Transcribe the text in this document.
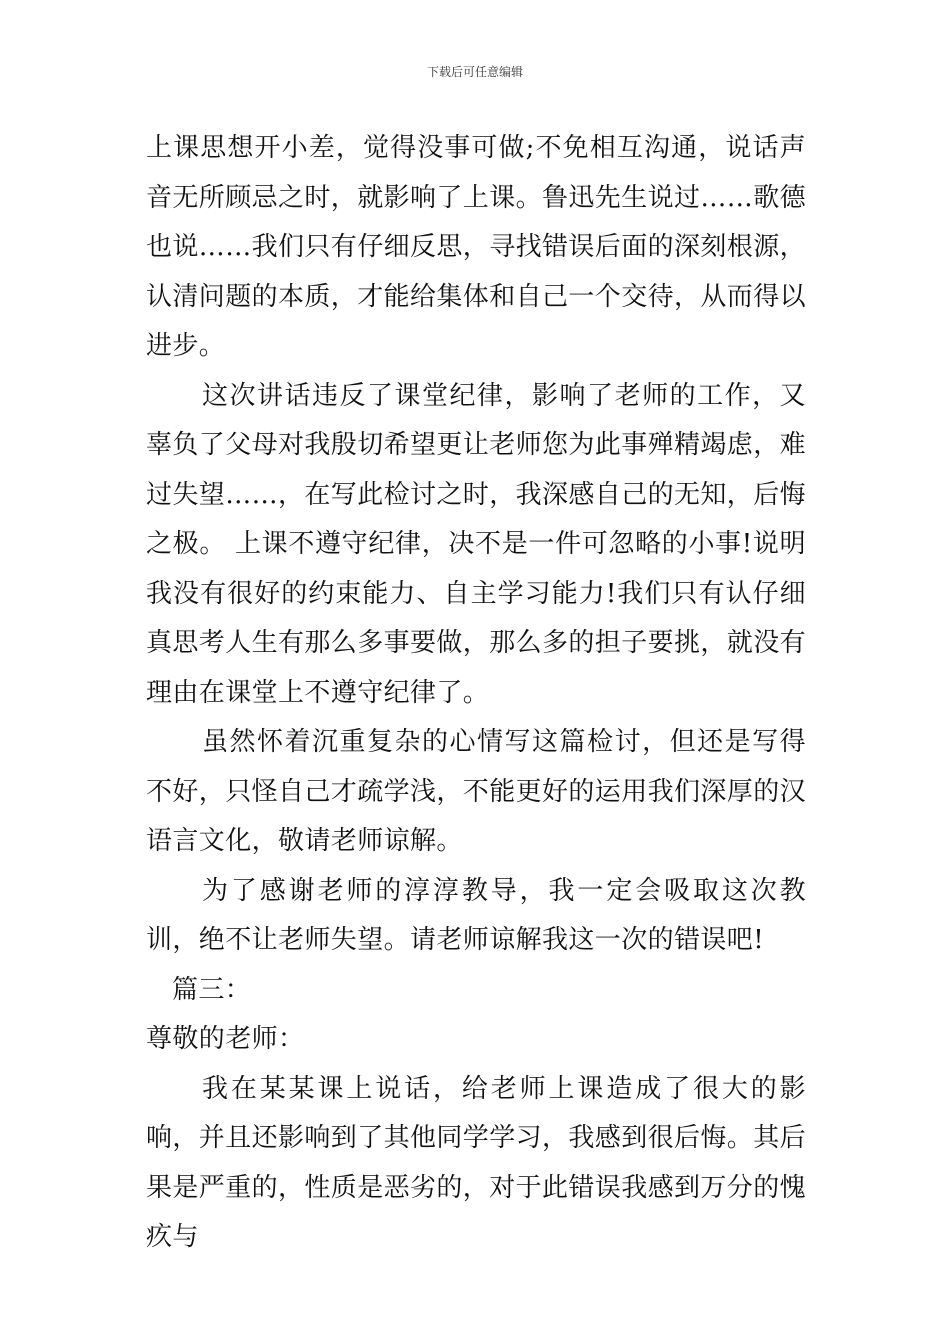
下载后可任意编辑

上课思想开小差，觉得没事可做;不免相互沟通，说话声音无所顾忌之时，就影响了上课。鲁迅先生说过……歌德也说……我们只有仔细反思，寻找错误后面的深刻根源，认清问题的本质，才能给集体和自己一个交待，从而得以进步。

这次讲话违反了课堂纪律，影响了老师的工作，又辜负了父母对我殷切希望更让老师您为此事殚精竭虑，难过失望……，在写此检讨之时，我深感自己的无知，后悔之极。 上课不遵守纪律，决不是一件可忽略的小事!说明我没有很好的约束能力、自主学习能力!我们只有认仔细真思考人生有那么多事要做，那么多的担子要挑，就没有理由在课堂上不遵守纪律了。

虽然怀着沉重复杂的心情写这篇检讨，但还是写得不好，只怪自己才疏学浅，不能更好的运用我们深厚的汉语言文化，敬请老师谅解。

为了感谢老师的淳淳教导，我一定会吸取这次教训，绝不让老师失望。请老师谅解我这一次的错误吧!

篇三：

尊敬的老师：

我在某某课上说话，给老师上课造成了很大的影响，并且还影响到了其他同学学习，我感到很后悔。其后果是严重的，性质是恶劣的，对于此错误我感到万分的愧疚与
